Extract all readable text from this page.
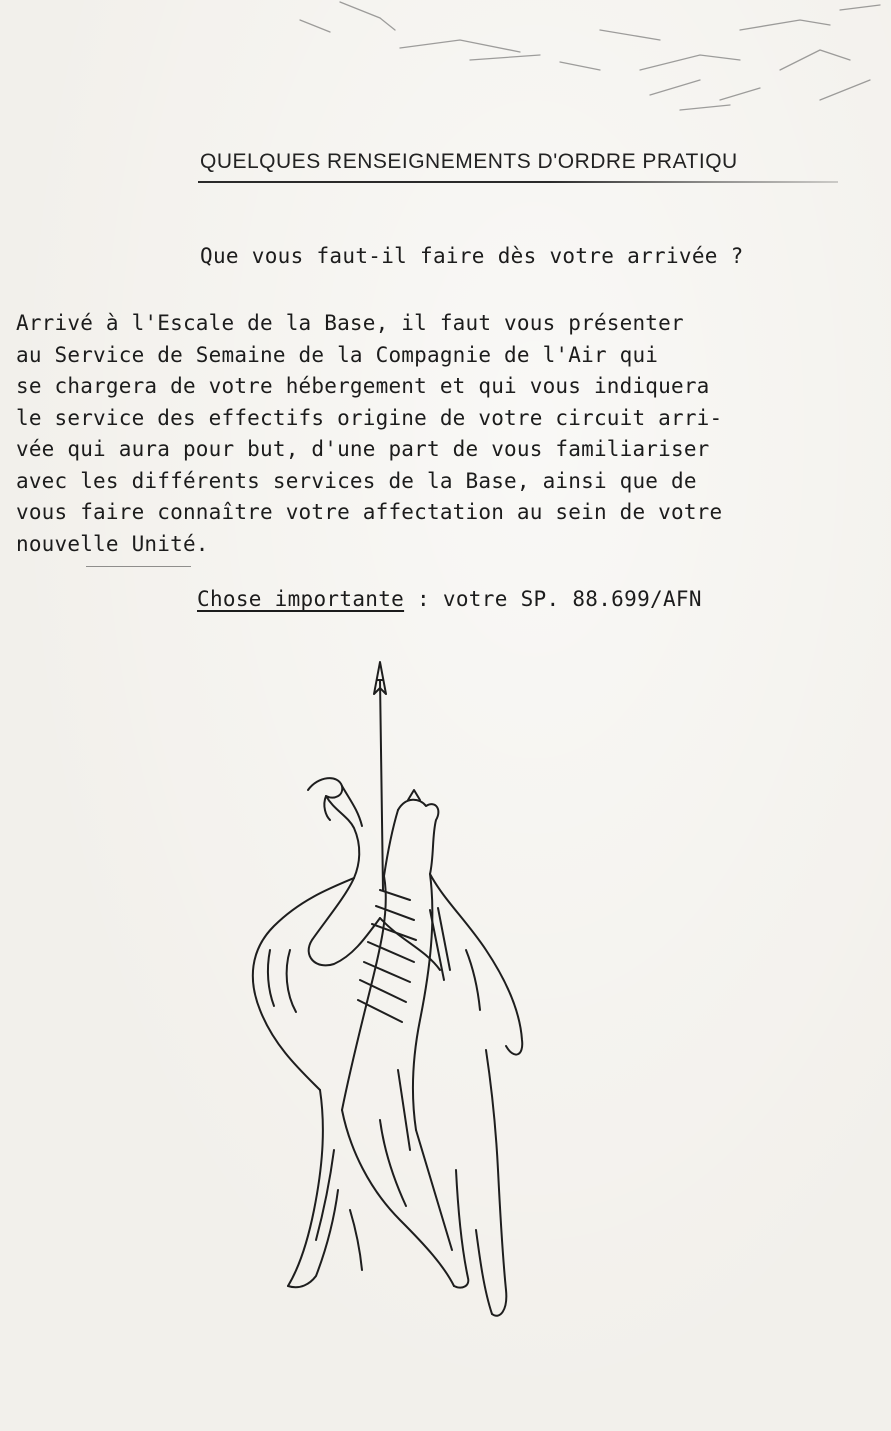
QUELQUES RENSEIGNEMENTS D'ORDRE PRATIQU
Que vous faut-il faire dès votre arrivée ?
Arrivé à l'Escale de la Base, il faut vous présenter
au Service de Semaine de la Compagnie de l'Air qui
se chargera de votre hébergement et qui vous indiquera
le service des effectifs origine de votre circuit arri-
vée qui aura pour but, d'une part de vous familiariser
avec les différents services de la Base, ainsi que de
vous faire connaître votre affectation au sein de votre
nouvelle Unité.
Chose importante : votre SP. 88.699/AFN
